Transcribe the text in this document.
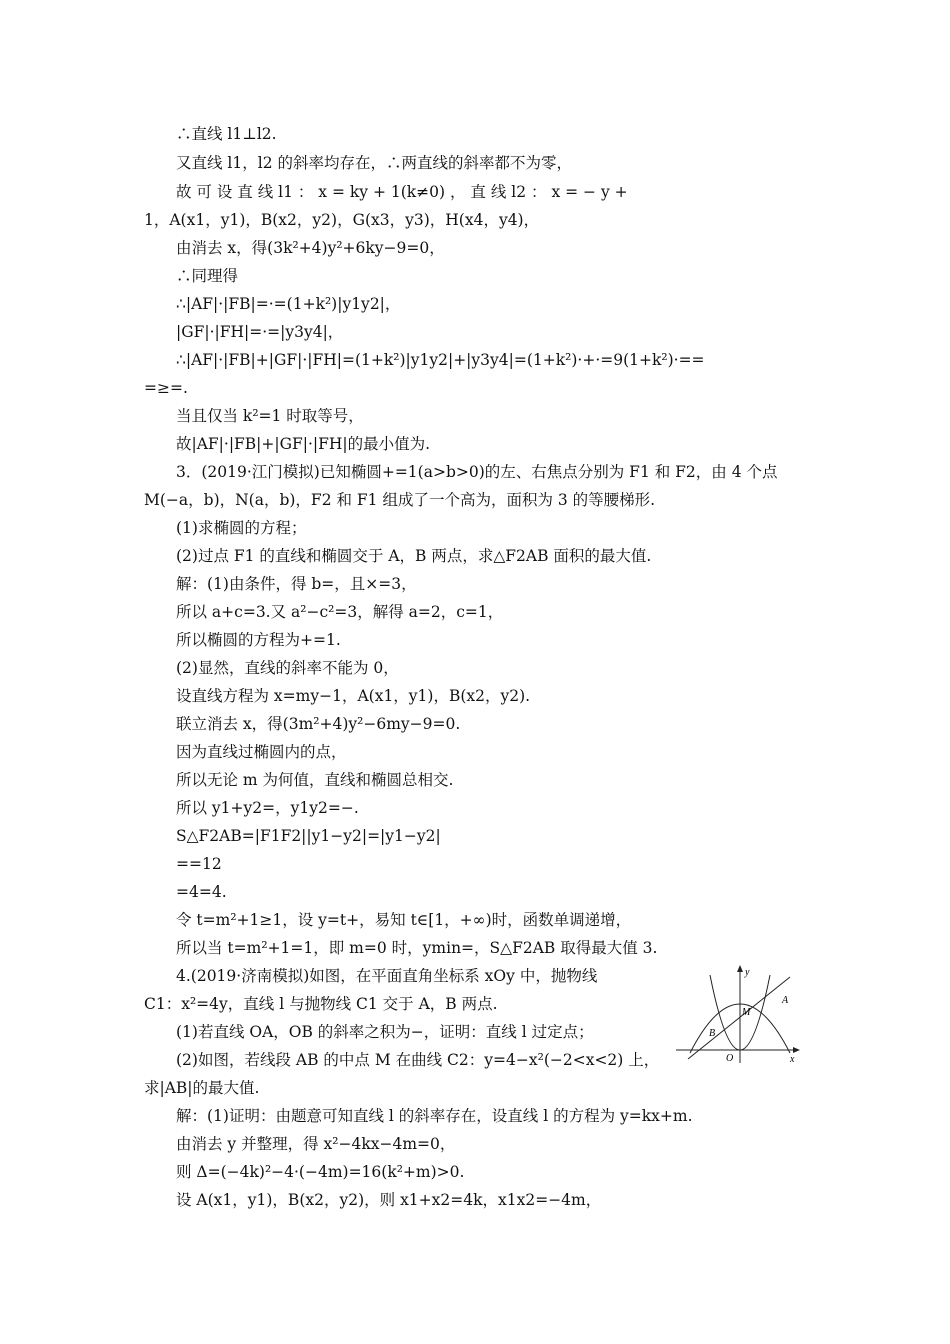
∴直线 l1⊥l2.
又直线 l1，l2 的斜率均存在，∴两直线的斜率都不为零，
故 可 设 直 线 l1 ： x = ky + 1(k≠0) ， 直 线 l2 ： x = − y +
1，A(x1，y1)，B(x2，y2)，G(x3，y3)，H(x4，y4)，
由消去 x，得(3k²+4)y²+6ky−9=0，
∴同理得
∴|AF|·|FB|=·=(1+k²)|y1y2|，
|GF|·|FH|=·=|y3y4|，
∴|AF|·|FB|+|GF|·|FH|=(1+k²)|y1y2|+|y3y4|=(1+k²)·+·=9(1+k²)·==
=≥=.
当且仅当 k²=1 时取等号，
故|AF|·|FB|+|GF|·|FH|的最小值为.
3．(2019·江门模拟)已知椭圆+=1(a>b>0)的左、右焦点分别为 F1 和 F2，由 4 个点
M(−a，b)，N(a，b)，F2 和 F1 组成了一个高为，面积为 3 的等腰梯形.
(1)求椭圆的方程；
(2)过点 F1 的直线和椭圆交于 A，B 两点，求△F2AB 面积的最大值.
解：(1)由条件，得 b=，且×=3，
所以 a+c=3.又 a²−c²=3，解得 a=2，c=1，
所以椭圆的方程为+=1.
(2)显然，直线的斜率不能为 0，
设直线方程为 x=my−1，A(x1，y1)，B(x2，y2).
联立消去 x，得(3m²+4)y²−6my−9=0.
因为直线过椭圆内的点，
所以无论 m 为何值，直线和椭圆总相交.
所以 y1+y2=，y1y2=−.
S△F2AB=|F1F2||y1−y2|=|y1−y2|
==12
=4=4.
令 t=m²+1≥1，设 y=t+，易知 t∈[1，+∞)时，函数单调递增，
所以当 t=m²+1=1，即 m=0 时，ymin=，S△F2AB 取得最大值 3.
4.(2019·济南模拟)如图，在平面直角坐标系 xOy 中，抛物线
C1：x²=4y，直线 l 与抛物线 C1 交于 A，B 两点.
(1)若直线 OA，OB 的斜率之积为−，证明：直线 l 过定点；
(2)如图，若线段 AB 的中点 M 在曲线 C2：y=4−x²(−2<x<2) 上，
求|AB|的最大值.
解：(1)证明：由题意可知直线 l 的斜率存在，设直线 l 的方程为 y=kx+m.
由消去 y 并整理，得 x²−4kx−4m=0，
则 Δ=(−4k)²−4·(−4m)=16(k²+m)>0.
设 A(x1，y1)，B(x2，y2)，则 x1+x2=4k，x1x2=−4m，
y
x
O
A
B
M
